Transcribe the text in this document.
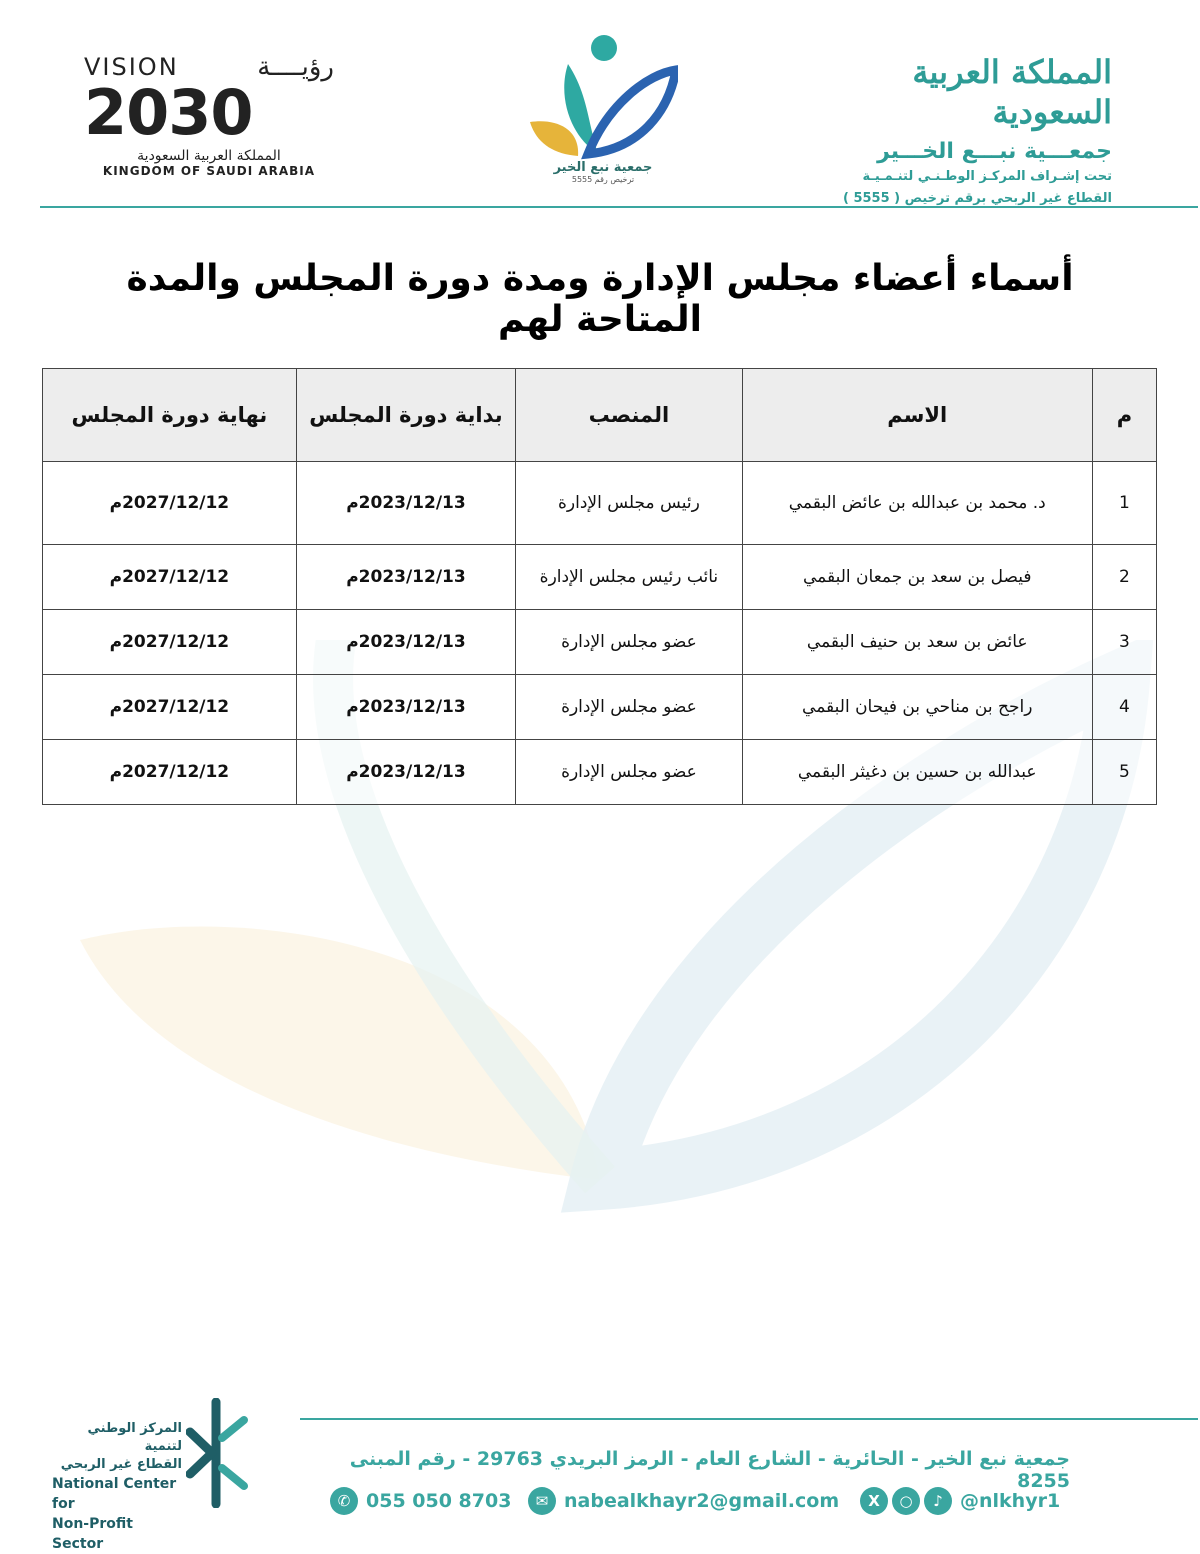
المملكة العربية السعودية
جمعـــية نبـــع الخـــير
تحت إشـراف المركـز الوطـنـي لتنـمـيـة
القطاع غير الربحي برقم ترخيص ( 5555 )
جمعية نبع الخير
ترخيص رقم 5555
VISION	رؤيــــة
2030
المملكة العربية السعودية
KINGDOM OF SAUDI ARABIA
أسماء أعضاء مجلس الإدارة ومدة دورة المجلس والمدة المتاحة لهم
م	الاسم	المنصب	بداية دورة المجلس	نهاية دورة المجلس
1	د. محمد بن عبدالله بن عائض البقمي	رئيس مجلس الإدارة	2023/12/13م	2027/12/12م
2	فيصل بن سعد بن جمعان البقمي	نائب رئيس مجلس الإدارة	2023/12/13م	2027/12/12م
3	عائض بن سعد بن حنيف البقمي	عضو مجلس الإدارة	2023/12/13م	2027/12/12م
4	راجح بن مناحي بن فيحان البقمي	عضو مجلس الإدارة	2023/12/13م	2027/12/12م
5	عبدالله بن حسين بن دغيثر البقمي	عضو مجلس الإدارة	2023/12/13م	2027/12/12م
المركز الوطني لتنمية
القطاع غير الربحي
National Center for
Non-Profit Sector
جمعية نبع الخير - الحائرية - الشارع العام - الرمز البريدي 29763 - رقم المبنى 8255
✆ 055 050 8703	✉ nabealkhayr2@gmail.com	X	○	♪ @nlkhyr1
